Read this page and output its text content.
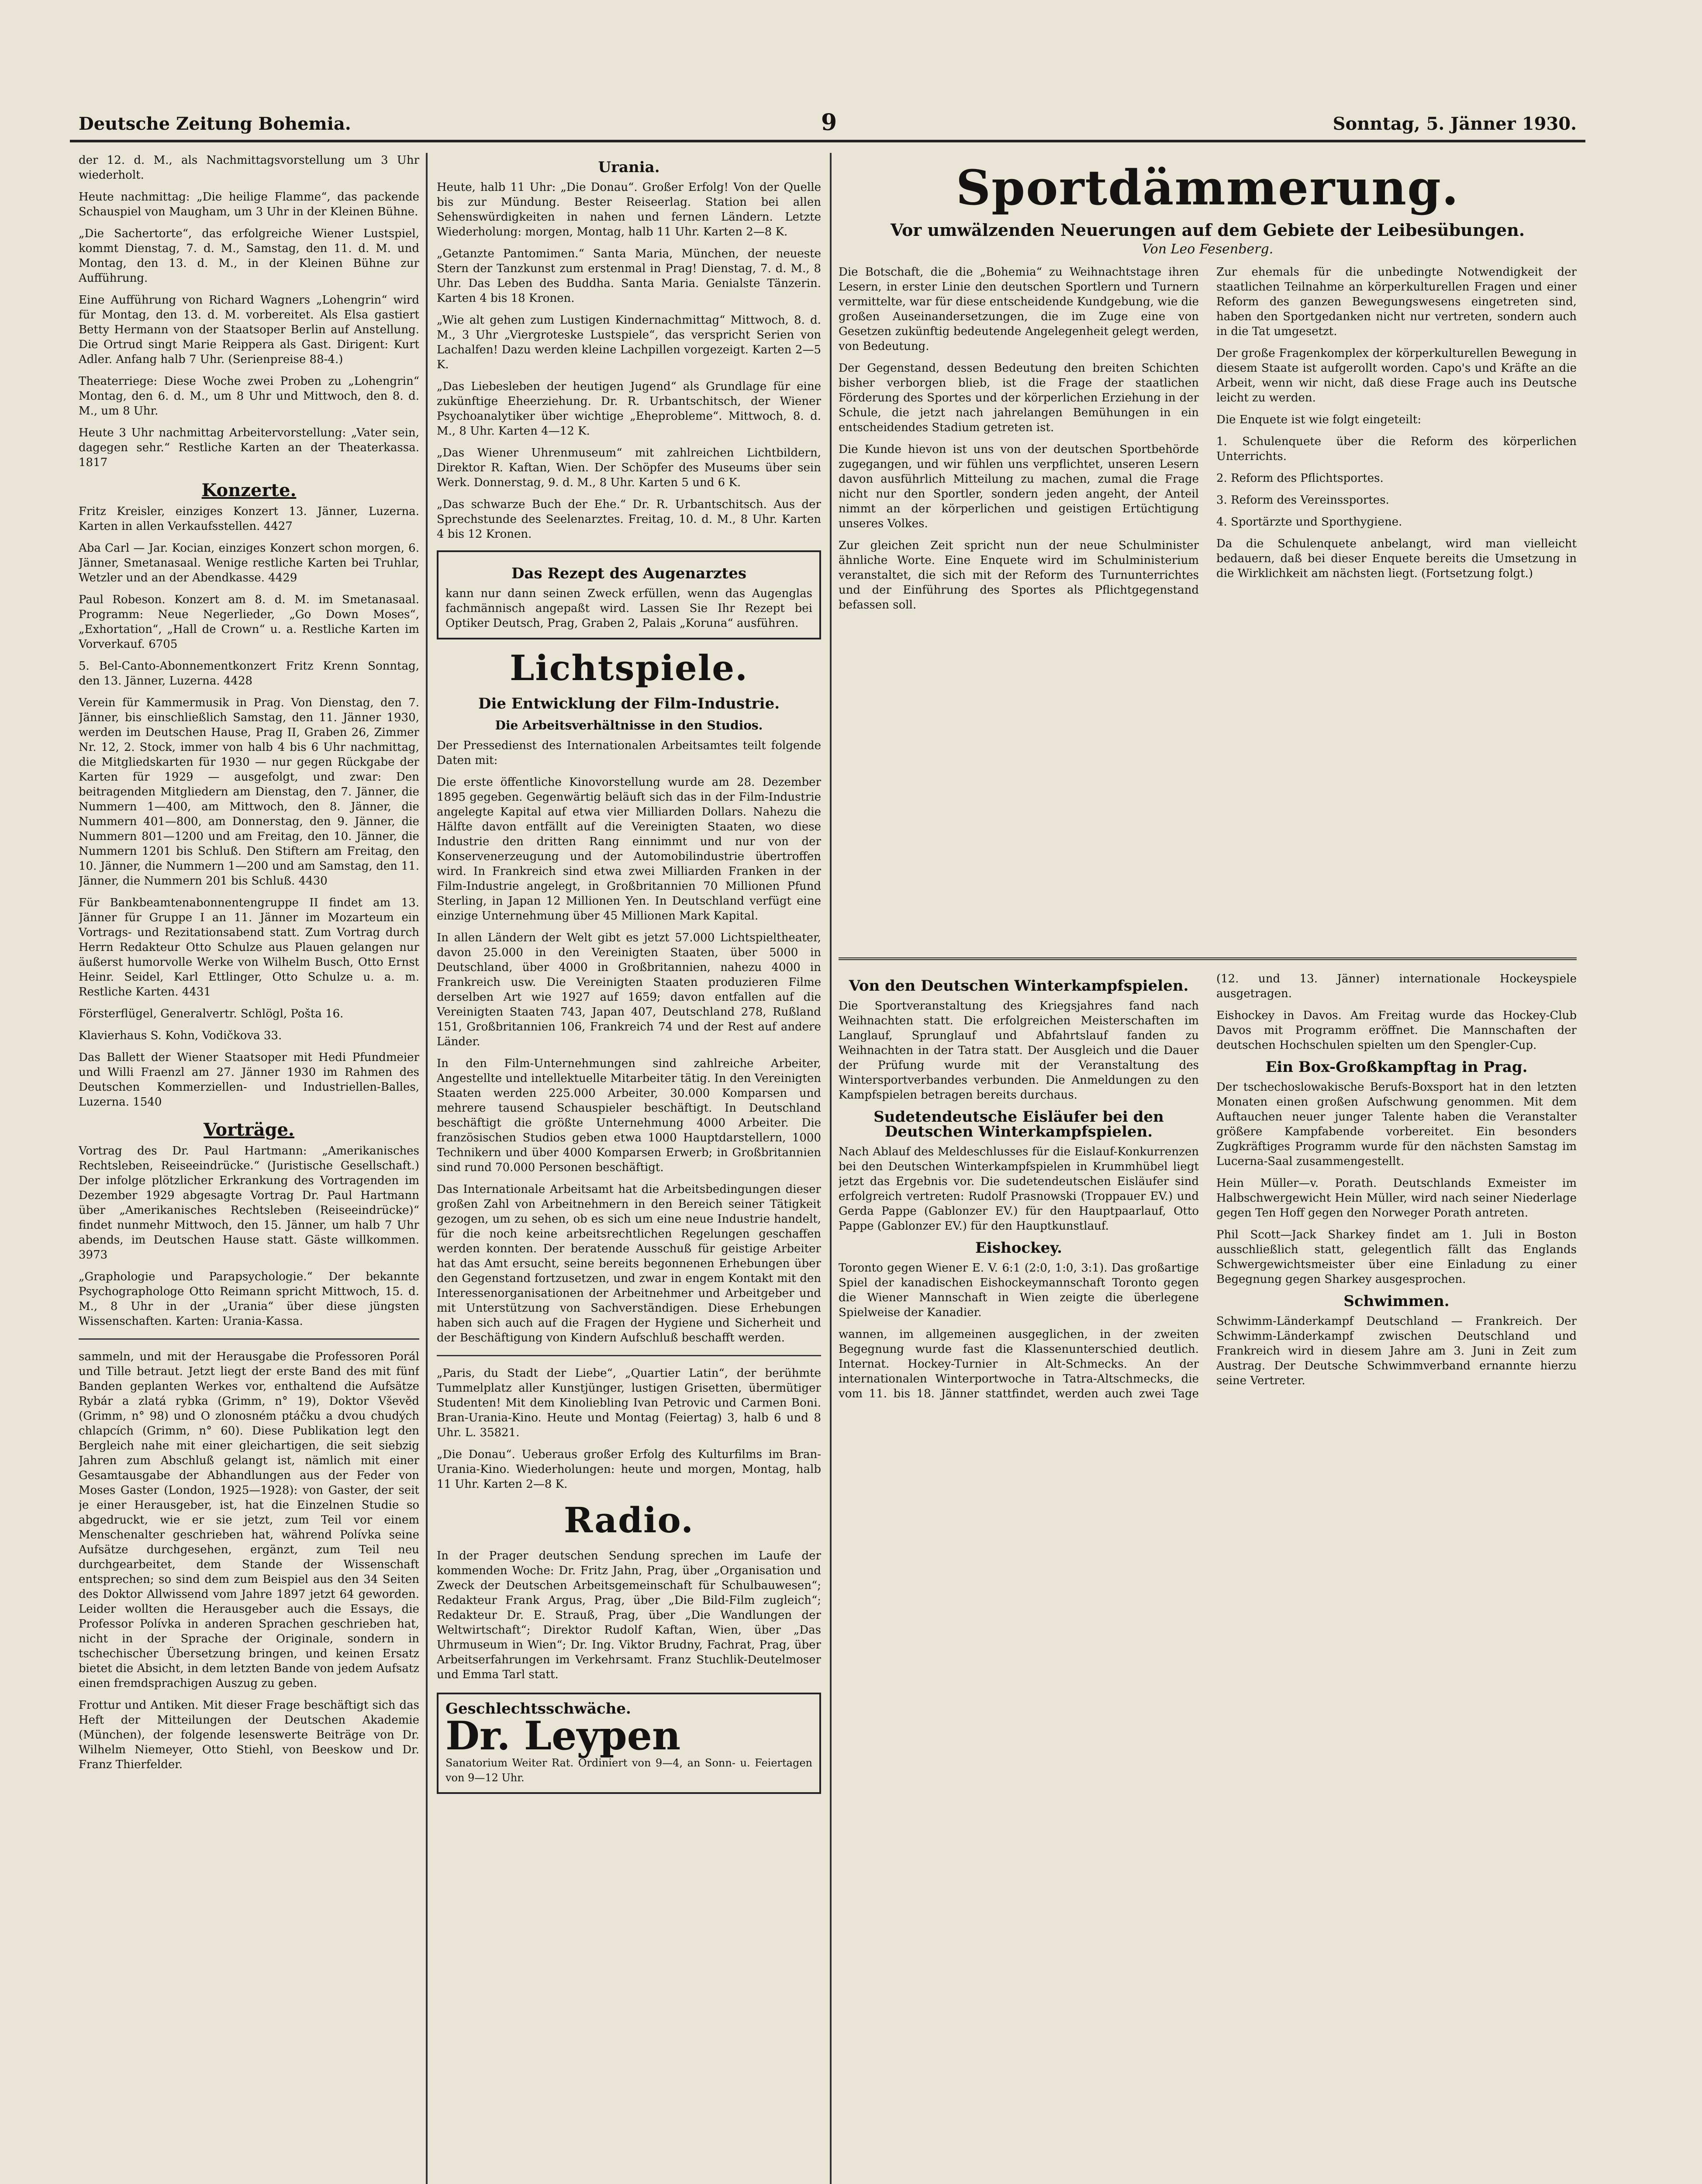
Deutsche Zeitung Bohemia.	9	Sonntag, 5. Jänner 1930.
der 12. d. M., als Nachmittagsvorstellung um 3 Uhr wiederholt.
Heute nachmittag: „Die heilige Flamme“, das packende Schauspiel von Maugham, um 3 Uhr in der Kleinen Bühne.
„Die Sachertorte“, das erfolgreiche Wiener Lustspiel, kommt Dienstag, 7. d. M., Samstag, den 11. d. M. und Montag, den 13. d. M., in der Kleinen Bühne zur Aufführung.
Eine Aufführung von Richard Wagners „Lohengrin“ wird für Montag, den 13. d. M. vorbereitet. Als Elsa gastiert Betty Hermann von der Staatsoper Berlin auf Anstellung. Die Ortrud singt Marie Reippera als Gast. Dirigent: Kurt Adler. Anfang halb 7 Uhr. (Serienpreise 88-4.)
Theaterriege: Diese Woche zwei Proben zu „Lohengrin“ Montag, den 6. d. M., um 8 Uhr und Mittwoch, den 8. d. M., um 8 Uhr.
Heute 3 Uhr nachmittag Arbeitervorstellung: „Vater sein, dagegen sehr.“ Restliche Karten an der Theaterkassa. 1817
Konzerte.
Fritz Kreisler, einziges Konzert 13. Jänner, Luzerna. Karten in allen Verkaufsstellen. 4427
Aba Carl — Jar. Kocian, einziges Konzert schon morgen, 6. Jänner, Smetanasaal. Wenige restliche Karten bei Truhlar, Wetzler und an der Abendkasse. 4429
Paul Robeson. Konzert am 8. d. M. im Smetanasaal. Programm: Neue Negerlieder, „Go Down Moses“, „Exhortation“, „Hall de Crown“ u. a. Restliche Karten im Vorverkauf. 6705
5. Bel-Canto-Abonnementkonzert Fritz Krenn Sonntag, den 13. Jänner, Luzerna. 4428
Verein für Kammermusik in Prag. Von Dienstag, den 7. Jänner, bis einschließlich Samstag, den 11. Jänner 1930, werden im Deutschen Hause, Prag II, Graben 26, Zimmer Nr. 12, 2. Stock, immer von halb 4 bis 6 Uhr nachmittag, die Mitgliedskarten für 1930 — nur gegen Rückgabe der Karten für 1929 — ausgefolgt, und zwar: Den beitragenden Mitgliedern am Dienstag, den 7. Jänner, die Nummern 1—400, am Mittwoch, den 8. Jänner, die Nummern 401—800, am Donnerstag, den 9. Jänner, die Nummern 801—1200 und am Freitag, den 10. Jänner, die Nummern 1201 bis Schluß. Den Stiftern am Freitag, den 10. Jänner, die Nummern 1—200 und am Samstag, den 11. Jänner, die Nummern 201 bis Schluß. 4430
Für Bankbeamtenabonnentengruppe II findet am 13. Jänner für Gruppe I an 11. Jänner im Mozarteum ein Vortrags- und Rezitationsabend statt. Zum Vortrag durch Herrn Redakteur Otto Schulze aus Plauen gelangen nur äußerst humorvolle Werke von Wilhelm Busch, Otto Ernst Heinr. Seidel, Karl Ettlinger, Otto Schulze u. a. m. Restliche Karten. 4431
Försterflügel, Generalvertr. Schlögl, Pošta 16.
Klavierhaus S. Kohn, Vodičkova 33.
Das Ballett der Wiener Staatsoper mit Hedi Pfundmeier und Willi Fraenzl am 27. Jänner 1930 im Rahmen des Deutschen Kommerziellen- und Industriellen-Balles, Luzerna. 1540
Vorträge.
Vortrag des Dr. Paul Hartmann: „Amerikanisches Rechtsleben, Reiseeindrücke.“ (Juristische Gesellschaft.) Der infolge plötzlicher Erkrankung des Vortragenden im Dezember 1929 abgesagte Vortrag Dr. Paul Hartmann über „Amerikanisches Rechtsleben (Reiseeindrücke)“ findet nunmehr Mittwoch, den 15. Jänner, um halb 7 Uhr abends, im Deutschen Hause statt. Gäste willkommen. 3973
„Graphologie und Parapsychologie.“ Der bekannte Psychographologe Otto Reimann spricht Mittwoch, 15. d. M., 8 Uhr in der „Urania“ über diese jüngsten Wissenschaften. Karten: Urania-Kassa.
sammeln, und mit der Herausgabe die Professoren Porál und Tille betraut. Jetzt liegt der erste Band des mit fünf Banden geplanten Werkes vor, enthaltend die Aufsätze Rybár a zlatá rybka (Grimm, n° 19), Doktor Vševěd (Grimm, n° 98) und O zlonosném ptáčku a dvou chudých chlapcích (Grimm, n° 60). Diese Publikation legt den Bergleich nahe mit einer gleichartigen, die seit siebzig Jahren zum Abschluß gelangt ist, nämlich mit einer Gesamtausgabe der Abhandlungen aus der Feder von Moses Gaster (London, 1925—1928): von Gaster, der seit je einer Herausgeber, ist, hat die Einzelnen Studie so abgedruckt, wie er sie jetzt, zum Teil vor einem Menschenalter geschrieben hat, während Polívka seine Aufsätze durchgesehen, ergänzt, zum Teil neu durchgearbeitet, dem Stande der Wissenschaft entsprechen; so sind dem zum Beispiel aus den 34 Seiten des Doktor Allwissend vom Jahre 1897 jetzt 64 geworden. Leider wollten die Herausgeber auch die Essays, die Professor Polívka in anderen Sprachen geschrieben hat, nicht in der Sprache der Originale, sondern in tschechischer Übersetzung bringen, und keinen Ersatz bietet die Absicht, in dem letzten Bande von jedem Aufsatz einen fremdsprachigen Auszug zu geben.
Frottur und Antiken. Mit dieser Frage beschäftigt sich das Heft der Mitteilungen der Deutschen Akademie (München), der folgende lesenswerte Beiträge von Dr. Wilhelm Niemeyer, Otto Stiehl, von Beeskow und Dr. Franz Thierfelder.
Urania.
Heute, halb 11 Uhr: „Die Donau“. Großer Erfolg! Von der Quelle bis zur Mündung. Bester Reiseerlag. Station bei allen Sehenswürdigkeiten in nahen und fernen Ländern. Letzte Wiederholung: morgen, Montag, halb 11 Uhr. Karten 2—8 K.
„Getanzte Pantomimen.“ Santa Maria, München, der neueste Stern der Tanzkunst zum erstenmal in Prag! Dienstag, 7. d. M., 8 Uhr. Das Leben des Buddha. Santa Maria. Genialste Tänzerin. Karten 4 bis 18 Kronen.
„Wie alt gehen zum Lustigen Kindernachmittag“ Mittwoch, 8. d. M., 3 Uhr „Viergroteske Lustspiele“, das verspricht Serien von Lachalfen! Dazu werden kleine Lachpillen vorgezeigt. Karten 2—5 K.
„Das Liebesleben der heutigen Jugend“ als Grundlage für eine zukünftige Eheerziehung. Dr. R. Urbantschitsch, der Wiener Psychoanalytiker über wichtige „Eheprobleme“. Mittwoch, 8. d. M., 8 Uhr. Karten 4—12 K.
„Das Wiener Uhrenmuseum“ mit zahlreichen Lichtbildern, Direktor R. Kaftan, Wien. Der Schöpfer des Museums über sein Werk. Donnerstag, 9. d. M., 8 Uhr. Karten 5 und 6 K.
„Das schwarze Buch der Ehe.“ Dr. R. Urbantschitsch. Aus der Sprechstunde des Seelenarztes. Freitag, 10. d. M., 8 Uhr. Karten 4 bis 12 Kronen.
Das Rezept des Augenarztes
kann nur dann seinen Zweck erfüllen, wenn das Augenglas fachmännisch angepaßt wird. Lassen Sie Ihr Rezept bei Optiker Deutsch, Prag, Graben 2, Palais „Koruna“ ausführen.
Lichtspiele.
Die Entwicklung der Film-Industrie.
Die Arbeitsverhältnisse in den Studios.
Der Pressedienst des Internationalen Arbeitsamtes teilt folgende Daten mit:
Die erste öffentliche Kinovorstellung wurde am 28. Dezember 1895 gegeben. Gegenwärtig beläuft sich das in der Film-Industrie angelegte Kapital auf etwa vier Milliarden Dollars. Nahezu die Hälfte davon entfällt auf die Vereinigten Staaten, wo diese Industrie den dritten Rang einnimmt und nur von der Konservenerzeugung und der Automobilindustrie übertroffen wird. In Frankreich sind etwa zwei Milliarden Franken in der Film-Industrie angelegt, in Großbritannien 70 Millionen Pfund Sterling, in Japan 12 Millionen Yen. In Deutschland verfügt eine einzige Unternehmung über 45 Millionen Mark Kapital.
In allen Ländern der Welt gibt es jetzt 57.000 Lichtspieltheater, davon 25.000 in den Vereinigten Staaten, über 5000 in Deutschland, über 4000 in Großbritannien, nahezu 4000 in Frankreich usw. Die Vereinigten Staaten produzieren Filme derselben Art wie 1927 auf 1659; davon entfallen auf die Vereinigten Staaten 743, Japan 407, Deutschland 278, Rußland 151, Großbritannien 106, Frankreich 74 und der Rest auf andere Länder.
In den Film-Unternehmungen sind zahlreiche Arbeiter, Angestellte und intellektuelle Mitarbeiter tätig. In den Vereinigten Staaten werden 225.000 Arbeiter, 30.000 Komparsen und mehrere tausend Schauspieler beschäftigt. In Deutschland beschäftigt die größte Unternehmung 4000 Arbeiter. Die französischen Studios geben etwa 1000 Hauptdarstellern, 1000 Technikern und über 4000 Komparsen Erwerb; in Großbritannien sind rund 70.000 Personen beschäftigt.
Das Internationale Arbeitsamt hat die Arbeitsbedingungen dieser großen Zahl von Arbeitnehmern in den Bereich seiner Tätigkeit gezogen, um zu sehen, ob es sich um eine neue Industrie handelt, für die noch keine arbeitsrechtlichen Regelungen geschaffen werden konnten. Der beratende Ausschuß für geistige Arbeiter hat das Amt ersucht, seine bereits begonnenen Erhebungen über den Gegenstand fortzusetzen, und zwar in engem Kontakt mit den Interessenorganisationen der Arbeitnehmer und Arbeitgeber und mit Unterstützung von Sachverständigen. Diese Erhebungen haben sich auch auf die Fragen der Hygiene und Sicherheit und der Beschäftigung von Kindern Aufschluß beschafft werden.
„Paris, du Stadt der Liebe“, „Quartier Latin“, der berühmte Tummelplatz aller Kunstjünger, lustigen Grisetten, übermütiger Studenten! Mit dem Kinoliebling Ivan Petrovic und Carmen Boni. Bran-Urania-Kino. Heute und Montag (Feiertag) 3, halb 6 und 8 Uhr. L. 35821.
„Die Donau“. Ueberaus großer Erfolg des Kulturfilms im Bran-Urania-Kino. Wiederholungen: heute und morgen, Montag, halb 11 Uhr. Karten 2—8 K.
Radio.
In der Prager deutschen Sendung sprechen im Laufe der kommenden Woche: Dr. Fritz Jahn, Prag, über „Organisation und Zweck der Deutschen Arbeitsgemeinschaft für Schulbauwesen“; Redakteur Frank Argus, Prag, über „Die Bild-Film zugleich“; Redakteur Dr. E. Strauß, Prag, über „Die Wandlungen der Weltwirtschaft“; Direktor Rudolf Kaftan, Wien, über „Das Uhrmuseum in Wien“; Dr. Ing. Viktor Brudny, Fachrat, Prag, über Arbeitserfahrungen im Verkehrsamt. Franz Stuchlik-Deutelmoser und Emma Tarl statt.
Geschlechtsschwäche.
Dr. Leypen
Sanatorium Weiter Rat. Ordiniert von 9—4, an Sonn- u. Feiertagen von 9—12 Uhr.
Sportdämmerung.
Vor umwälzenden Neuerungen auf dem Gebiete der Leibesübungen.
Von Leo Fesenberg.
Die Botschaft, die die „Bohemia“ zu Weihnachtstage ihren Lesern, in erster Linie den deutschen Sportlern und Turnern vermittelte, war für diese entscheidende Kundgebung, wie die großen Auseinandersetzungen, die im Zuge eine von Gesetzen zukünftig bedeutende Angelegenheit gelegt werden, von Bedeutung.
Der Gegenstand, dessen Bedeutung den breiten Schichten bisher verborgen blieb, ist die Frage der staatlichen Förderung des Sportes und der körperlichen Erziehung in der Schule, die jetzt nach jahrelangen Bemühungen in ein entscheidendes Stadium getreten ist.
Die Kunde hievon ist uns von der deutschen Sportbehörde zugegangen, und wir fühlen uns verpflichtet, unseren Lesern davon ausführlich Mitteilung zu machen, zumal die Frage nicht nur den Sportler, sondern jeden angeht, der Anteil nimmt an der körperlichen und geistigen Ertüchtigung unseres Volkes.
Zur gleichen Zeit spricht nun der neue Schulminister ähnliche Worte. Eine Enquete wird im Schulministerium veranstaltet, die sich mit der Reform des Turnunterrichtes und der Einführung des Sportes als Pflichtgegenstand befassen soll.
Zur ehemals für die unbedingte Notwendigkeit der staatlichen Teilnahme an körperkulturellen Fragen und einer Reform des ganzen Bewegungswesens eingetreten sind, haben den Sportgedanken nicht nur vertreten, sondern auch in die Tat umgesetzt.
Der große Fragenkomplex der körperkulturellen Bewegung in diesem Staate ist aufgerollt worden. Capo's und Kräfte an die Arbeit, wenn wir nicht, daß diese Frage auch ins Deutsche leicht zu werden.
Die Enquete ist wie folgt eingeteilt:
1. Schulenquete über die Reform des körperlichen Unterrichts.
2. Reform des Pflichtsportes.
3. Reform des Vereinssportes.
4. Sportärzte und Sporthygiene.
Da die Schulenquete anbelangt, wird man vielleicht bedauern, daß bei dieser Enquete bereits die Umsetzung in die Wirklichkeit am nächsten liegt. (Fortsetzung folgt.)
Von den Deutschen Winterkampfspielen.
Die Sportveranstaltung des Kriegsjahres fand nach Weihnachten statt. Die erfolgreichen Meisterschaften im Langlauf, Sprunglauf und Abfahrtslauf fanden zu Weihnachten in der Tatra statt. Der Ausgleich und die Dauer der Prüfung wurde mit der Veranstaltung des Wintersportverbandes verbunden. Die Anmeldungen zu den Kampfspielen betragen bereits durchaus.
Sudetendeutsche Eisläufer bei den Deutschen Winterkampfspielen.
Nach Ablauf des Meldeschlusses für die Eislauf-Konkurrenzen bei den Deutschen Winterkampfspielen in Krummhübel liegt jetzt das Ergebnis vor. Die sudetendeutschen Eisläufer sind erfolgreich vertreten: Rudolf Prasnowski (Troppauer EV.) und Gerda Pappe (Gablonzer EV.) für den Hauptpaarlauf, Otto Pappe (Gablonzer EV.) für den Hauptkunstlauf.
Eishockey.
Toronto gegen Wiener E. V. 6:1 (2:0, 1:0, 3:1). Das großartige Spiel der kanadischen Eishockeymannschaft Toronto gegen die Wiener Mannschaft in Wien zeigte die überlegene Spielweise der Kanadier.
wannen, im allgemeinen ausgeglichen, in der zweiten Begegnung wurde fast die Klassenunterschied deutlich. Internat. Hockey-Turnier in Alt-Schmecks. An der internationalen Winterportwoche in Tatra-Altschmecks, die vom 11. bis 18. Jänner stattfindet, werden auch zwei Tage (12. und 13. Jänner) internationale Hockeyspiele ausgetragen.
Eishockey in Davos. Am Freitag wurde das Hockey-Club Davos mit Programm eröffnet. Die Mannschaften der deutschen Hochschulen spielten um den Spengler-Cup.
Ein Box-Großkampftag in Prag.
Der tschechoslowakische Berufs-Boxsport hat in den letzten Monaten einen großen Aufschwung genommen. Mit dem Auftauchen neuer junger Talente haben die Veranstalter größere Kampfabende vorbereitet. Ein besonders Zugkräftiges Programm wurde für den nächsten Samstag im Lucerna-Saal zusammengestellt.
Hein Müller—v. Porath. Deutschlands Exmeister im Halbschwergewicht Hein Müller, wird nach seiner Niederlage gegen Ten Hoff gegen den Norweger Porath antreten.
Phil Scott—Jack Sharkey findet am 1. Juli in Boston ausschließlich statt, gelegentlich fällt das Englands Schwergewichtsmeister über eine Einladung zu einer Begegnung gegen Sharkey ausgesprochen.
Schwimmen.
Schwimm-Länderkampf Deutschland — Frankreich. Der Schwimm-Länderkampf zwischen Deutschland und Frankreich wird in diesem Jahre am 3. Juni in Zeit zum Austrag. Der Deutsche Schwimmverband ernannte hierzu seine Vertreter.
